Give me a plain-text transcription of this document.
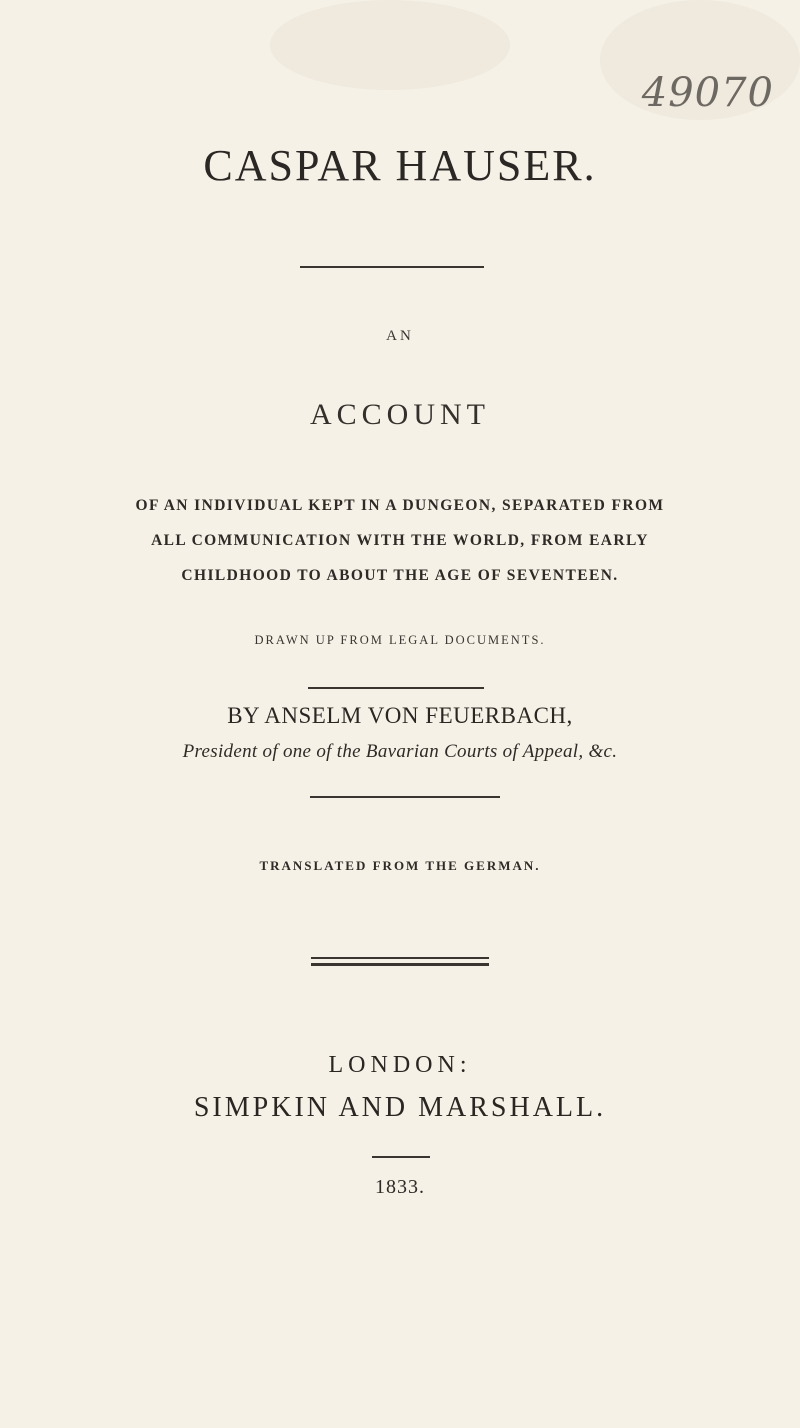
49070
CASPAR HAUSER.
AN
ACCOUNT
OF AN INDIVIDUAL KEPT IN A DUNGEON, SEPARATED FROM
ALL COMMUNICATION WITH THE WORLD, FROM EARLY
CHILDHOOD TO ABOUT THE AGE OF SEVENTEEN.
DRAWN UP FROM LEGAL DOCUMENTS.
BY ANSELM VON FEUERBACH,
President of one of the Bavarian Courts of Appeal, &c.
TRANSLATED FROM THE GERMAN.
LONDON:
SIMPKIN AND MARSHALL.
1833.
